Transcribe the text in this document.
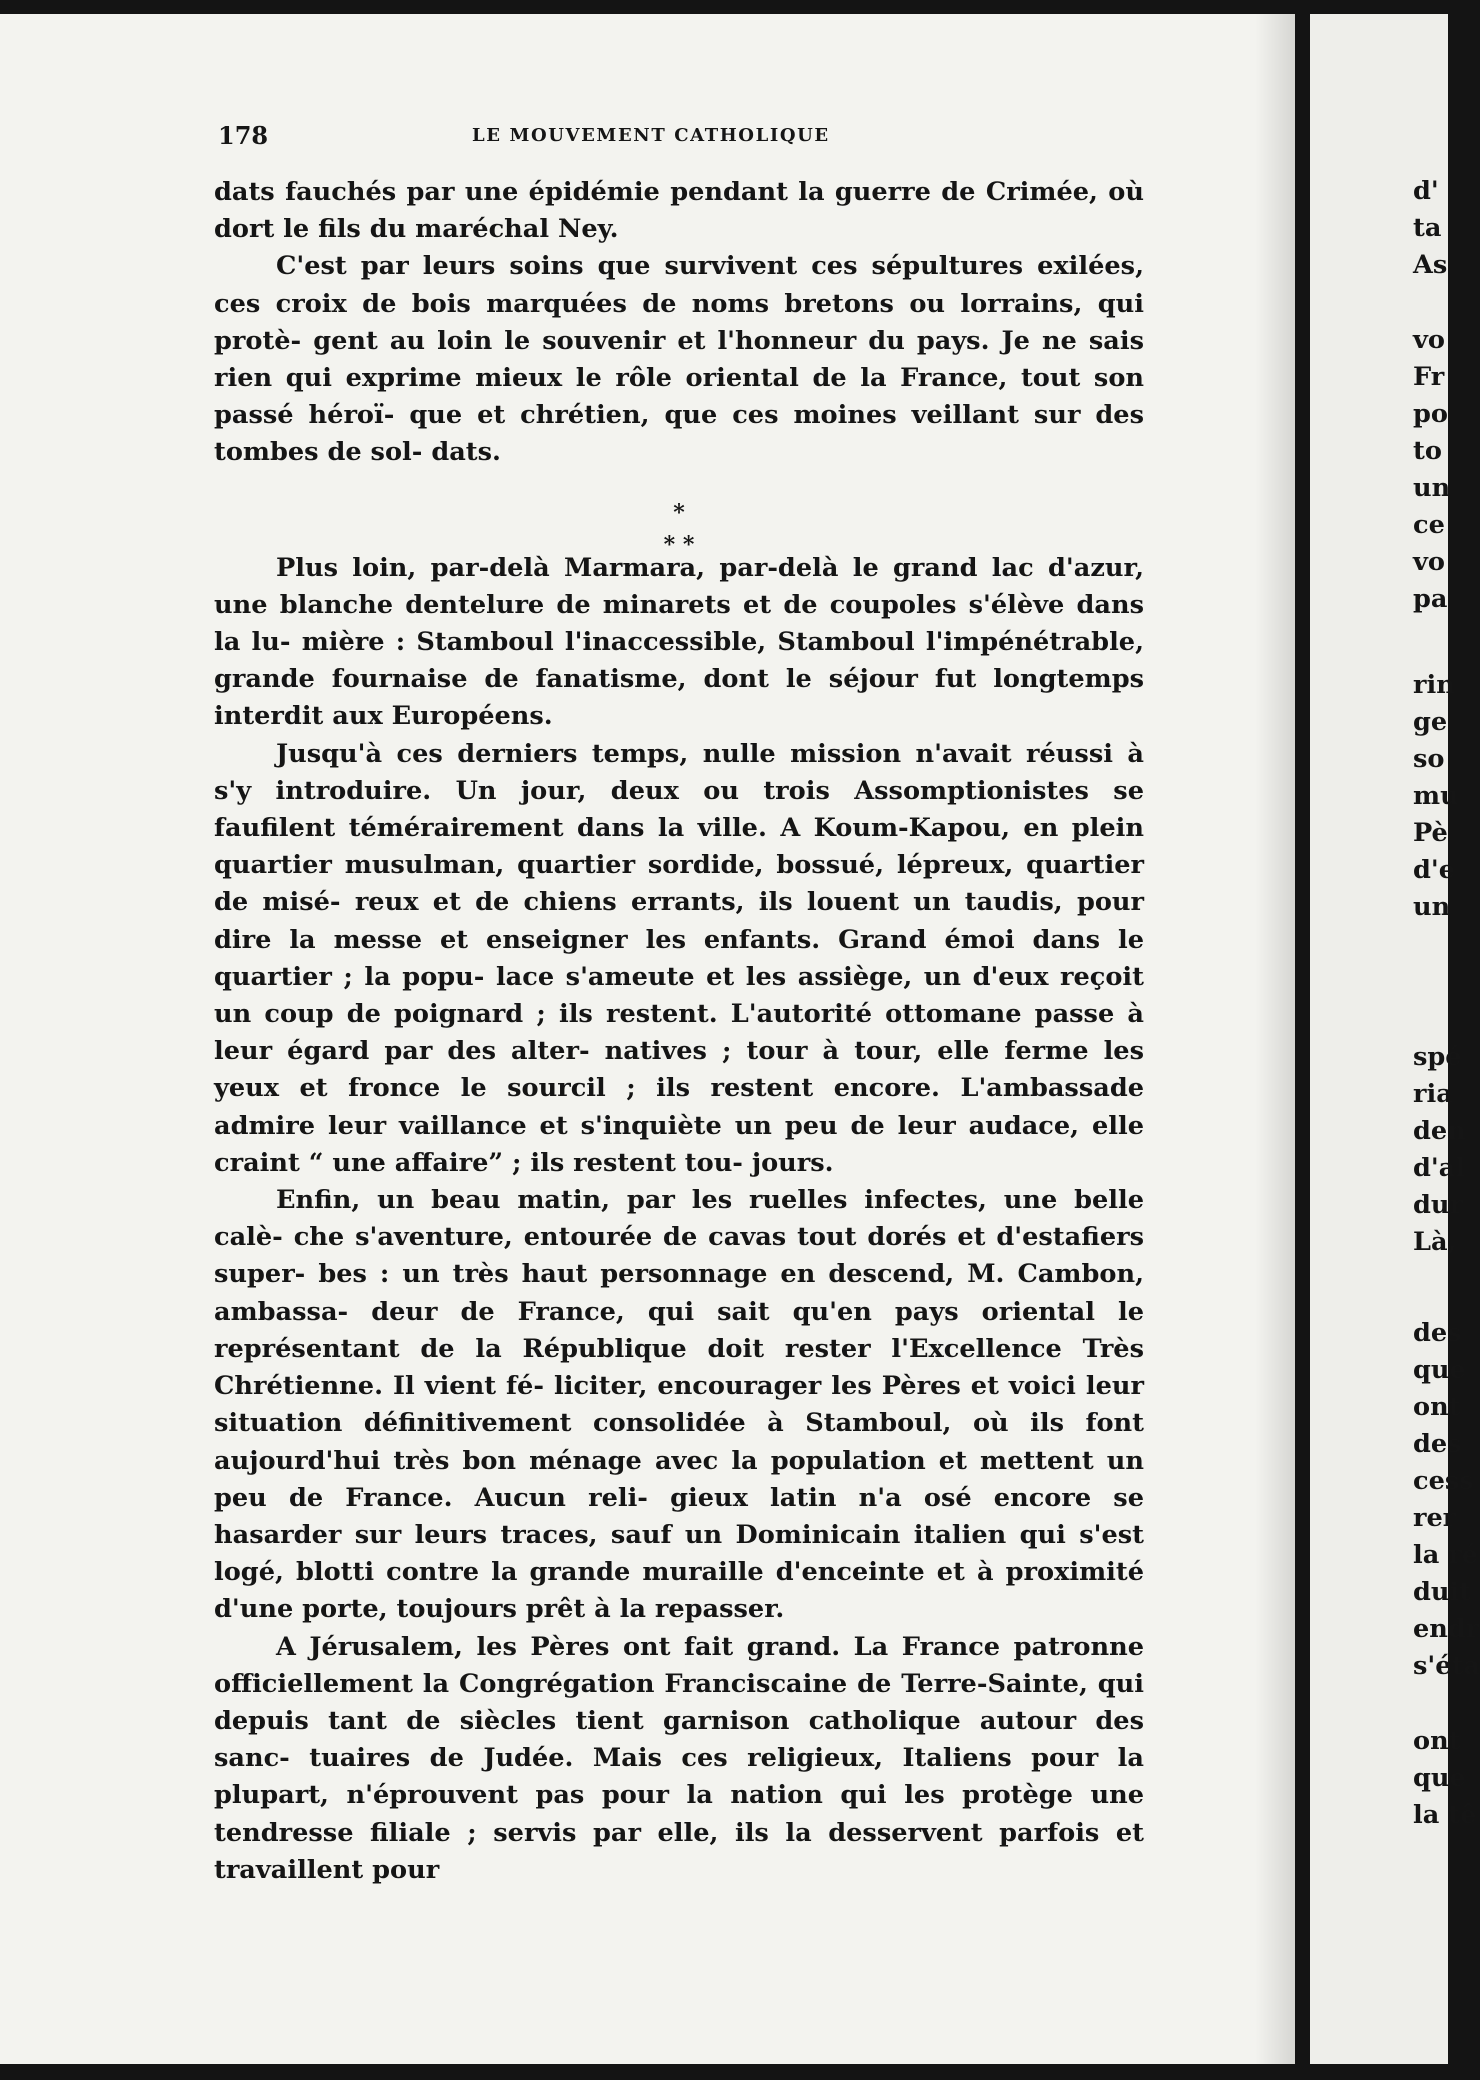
178	LE MOUVEMENT CATHOLIQUE

dats fauchés par une épidémie pendant la guerre de Crimée, où dort le fils du maréchal Ney.

C'est par leurs soins que survivent ces sépultures exilées, ces croix de bois marquées de noms bretons ou lorrains, qui protè- gent au loin le souvenir et l'honneur du pays. Je ne sais rien qui exprime mieux le rôle oriental de la France, tout son passé héroï- que et chrétien, que ces moines veillant sur des tombes de sol- dats.

*

* *

Plus loin, par-delà Marmara, par-delà le grand lac d'azur, une blanche dentelure de minarets et de coupoles s'élève dans la lu- mière : Stamboul l'inaccessible, Stamboul l'impénétrable, grande fournaise de fanatisme, dont le séjour fut longtemps interdit aux Européens.

Jusqu'à ces derniers temps, nulle mission n'avait réussi à s'y introduire. Un jour, deux ou trois Assomptionistes se faufilent témérairement dans la ville. A Koum-Kapou, en plein quartier musulman, quartier sordide, bossué, lépreux, quartier de misé- reux et de chiens errants, ils louent un taudis, pour dire la messe et enseigner les enfants. Grand émoi dans le quartier ; la popu- lace s'ameute et les assiège, un d'eux reçoit un coup de poignard ; ils restent. L'autorité ottomane passe à leur égard par des alter- natives ; tour à tour, elle ferme les yeux et fronce le sourcil ; ils restent encore. L'ambassade admire leur vaillance et s'inquiète un peu de leur audace, elle craint “ une affaire” ; ils restent tou- jours.

Enfin, un beau matin, par les ruelles infectes, une belle calè- che s'aventure, entourée de cavas tout dorés et d'estafiers super- bes : un très haut personnage en descend, M. Cambon, ambassa- deur de France, qui sait qu'en pays oriental le représentant de la République doit rester l'Excellence Très Chrétienne. Il vient fé- liciter, encourager les Pères et voici leur situation définitivement consolidée à Stamboul, où ils font aujourd'hui très bon ménage avec la population et mettent un peu de France. Aucun reli- gieux latin n'a osé encore se hasarder sur leurs traces, sauf un Dominicain italien qui s'est logé, blotti contre la grande muraille d'enceinte et à proximité d'une porte, toujours prêt à la repasser.

A Jérusalem, les Pères ont fait grand. La France patronne officiellement la Congrégation Franciscaine de Terre-Sainte, qui depuis tant de siècles tient garnison catholique autour des sanc- tuaires de Judée. Mais ces religieux, Italiens pour la plupart, n'éprouvent pas pour la nation qui les protège une tendresse filiale ; servis par elle, ils la desservent parfois et travaillent pour

d'
ta
As
vo
Fr
po
to
un
ce
vo
pa
rin
ge
so
mu
Pè
d'e
un
spé
ria
den
d'al
dur
Là,
des
que
ont
des
cess
rer
la ré
duit
endr
s'éta
ont
que
la tê
